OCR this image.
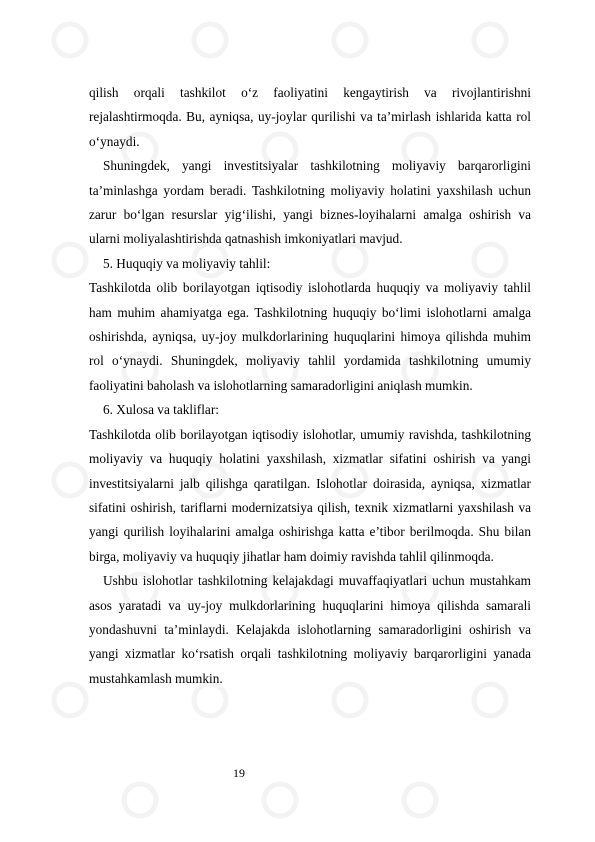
qilish orqali tashkilot o‘z faoliyatini kengaytirish va rivojlantirishni rejalashtirmoqda. Bu, ayniqsa, uy-joylar qurilishi va ta’mirlash ishlarida katta rol o‘ynaydi.

Shuningdek, yangi investitsiyalar tashkilotning moliyaviy barqarorligini ta’minlashga yordam beradi. Tashkilotning moliyaviy holatini yaxshilash uchun zarur bo‘lgan resurslar yig‘ilishi, yangi biznes-loyihalarni amalga oshirish va ularni moliyalashtirishda qatnashish imkoniyatlari mavjud.

5. Huquqiy va moliyaviy tahlil:

Tashkilotda olib borilayotgan iqtisodiy islohotlarda huquqiy va moliyaviy tahlil ham muhim ahamiyatga ega. Tashkilotning huquqiy bo‘limi islohotlarni amalga oshirishda, ayniqsa, uy-joy mulkdorlarining huquqlarini himoya qilishda muhim rol o‘ynaydi. Shuningdek, moliyaviy tahlil yordamida tashkilotning umumiy faoliyatini baholash va islohotlarning samaradorligini aniqlash mumkin.

6. Xulosa va takliflar:

Tashkilotda olib borilayotgan iqtisodiy islohotlar, umumiy ravishda, tashkilotning moliyaviy va huquqiy holatini yaxshilash, xizmatlar sifatini oshirish va yangi investitsiyalarni jalb qilishga qaratilgan. Islohotlar doirasida, ayniqsa, xizmatlar sifatini oshirish, tariflarni modernizatsiya qilish, texnik xizmatlarni yaxshilash va yangi qurilish loyihalarini amalga oshirishga katta e’tibor berilmoqda. Shu bilan birga, moliyaviy va huquqiy jihatlar ham doimiy ravishda tahlil qilinmoqda.

Ushbu islohotlar tashkilotning kelajakdagi muvaffaqiyatlari uchun mustahkam asos yaratadi va uy-joy mulkdorlarining huquqlarini himoya qilishda samarali yondashuvni ta’minlaydi. Kelajakda islohotlarning samaradorligini oshirish va yangi xizmatlar ko‘rsatish orqali tashkilotning moliyaviy barqarorligini yanada mustahkamlash mumkin.

19
